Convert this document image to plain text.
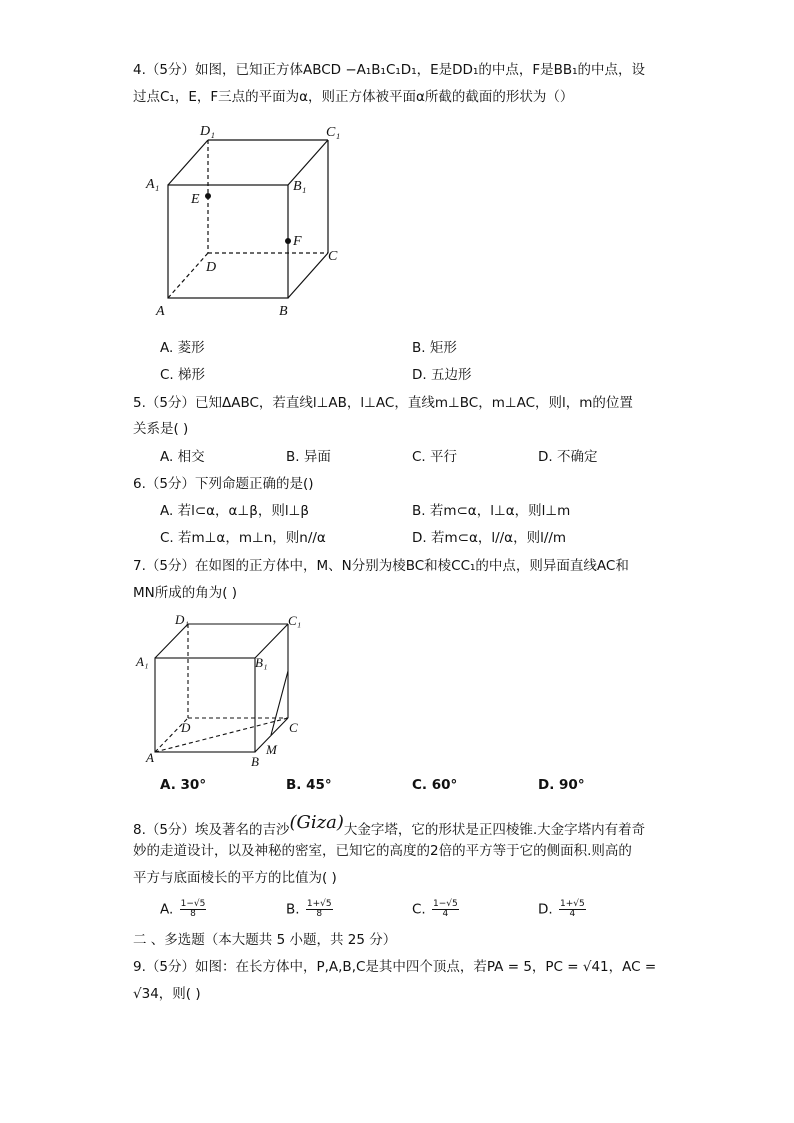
4.（5分）如图，已知正方体ABCD −A₁B₁C₁D₁，E是DD₁的中点，F是BB₁的中点，设
过点C₁，E，F三点的平面为α，则正方体被平面α所截的截面的形状为（）
D₁	C₁
A₁	B₁
E
F
D
C
A	B
A. 菱形	B. 矩形
C. 梯形	D. 五边形
5.（5分）已知ΔABC，若直线l⊥AB，l⊥AC，直线m⊥BC，m⊥AC，则l，m的位置
关系是( )
A. 相交	B. 异面	C. 平行	D. 不确定
6.（5分）下列命题正确的是()
A. 若l⊂α，α⊥β，则l⊥β	B. 若m⊂α，l⊥α，则l⊥m
C. 若m⊥α，m⊥n，则n//α	D. 若m⊂α，l//α，则l//m
7.（5分）在如图的正方体中，M、N分别为棱BC和棱CC₁的中点，则异面直线AC和
MN所成的角为( )
D₁	C₁
A₁	B₁
D	C
A	B
M
A. 30°	B. 45°	C. 60°	D. 90°
8.（5分）埃及著名的吉沙(Giza)大金字塔，它的形状是正四棱锥.大金字塔内有着奇
妙的走道设计，以及神秘的密室，已知它的高度的2倍的平方等于它的侧面积.则高的
平方与底面棱长的平方的比值为( )
A. $\frac{1-√5}{8}$	B. $\frac{1+√5}{8}$	C. $\frac{1-√5}{4}$	D. $\frac{1+√5}{4}$
二 、多选题（本大题共 5 小题，共 25 分）
9.（5分）如图：在长方体中，P,A,B,C是其中四个顶点，若PA = 5，PC = √41，AC =
√34，则( )
